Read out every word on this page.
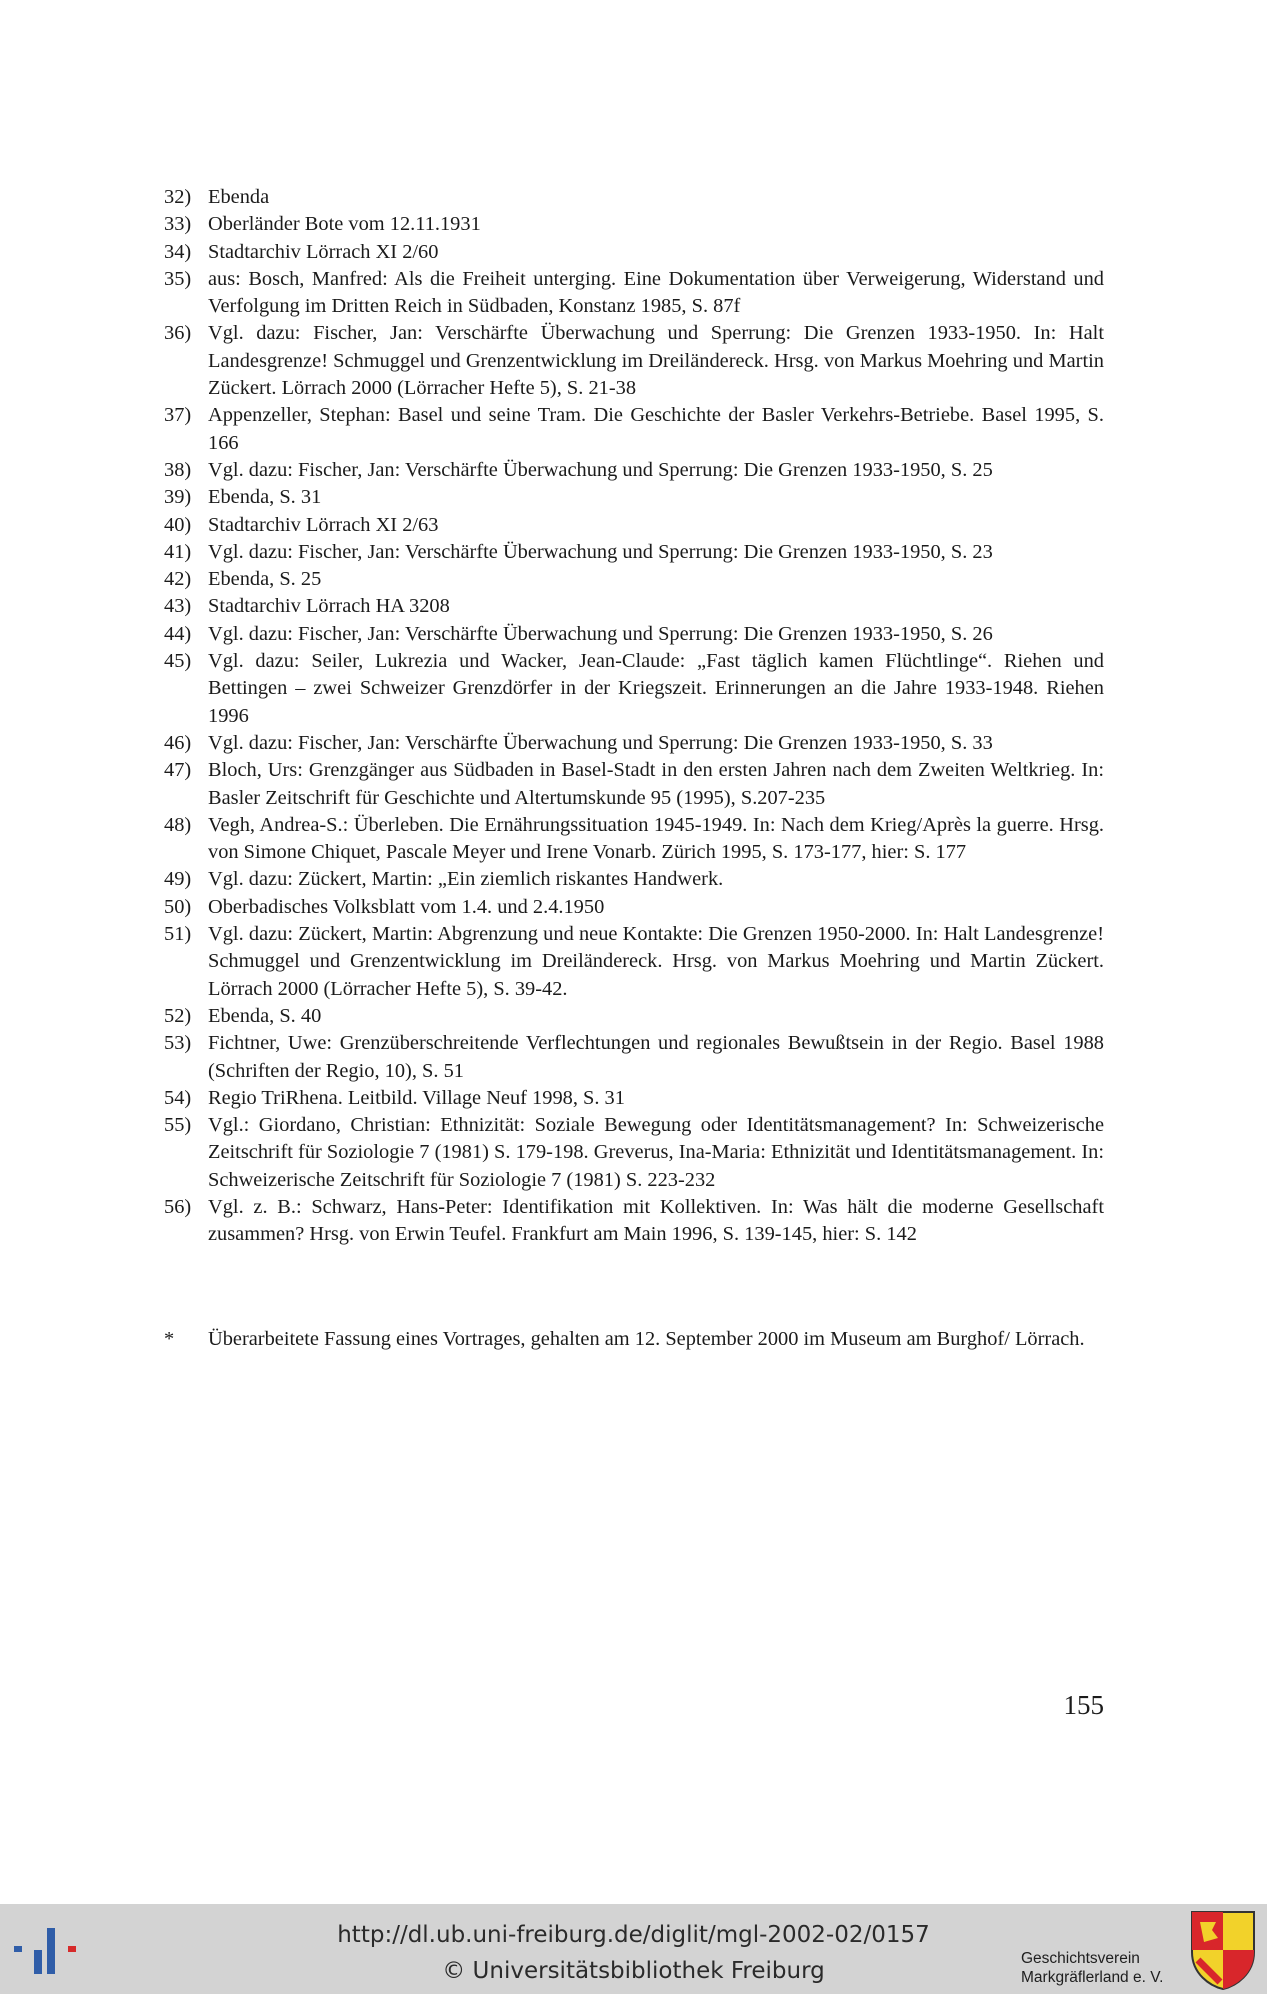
32) Ebenda
33) Oberländer Bote vom 12.11.1931
34) Stadtarchiv Lörrach XI 2/60
35) aus: Bosch, Manfred: Als die Freiheit unterging. Eine Dokumentation über Verweigerung, Widerstand und Verfolgung im Dritten Reich in Südbaden, Konstanz 1985, S. 87f
36) Vgl. dazu: Fischer, Jan: Verschärfte Überwachung und Sperrung: Die Grenzen 1933-1950. In: Halt Landesgrenze! Schmuggel und Grenzentwicklung im Dreiländereck. Hrsg. von Markus Moehring und Martin Zückert. Lörrach 2000 (Lörracher Hefte 5), S. 21-38
37) Appenzeller, Stephan: Basel und seine Tram. Die Geschichte der Basler Verkehrs-Betriebe. Basel 1995, S. 166
38) Vgl. dazu: Fischer, Jan: Verschärfte Überwachung und Sperrung: Die Grenzen 1933-1950, S. 25
39) Ebenda, S. 31
40) Stadtarchiv Lörrach XI 2/63
41) Vgl. dazu: Fischer, Jan: Verschärfte Überwachung und Sperrung: Die Grenzen 1933-1950, S. 23
42) Ebenda, S. 25
43) Stadtarchiv Lörrach HA 3208
44) Vgl. dazu: Fischer, Jan: Verschärfte Überwachung und Sperrung: Die Grenzen 1933-1950, S. 26
45) Vgl. dazu: Seiler, Lukrezia und Wacker, Jean-Claude: „Fast täglich kamen Flüchtlinge“. Riehen und Bettingen – zwei Schweizer Grenzdörfer in der Kriegszeit. Erinnerungen an die Jahre 1933-1948. Riehen 1996
46) Vgl. dazu: Fischer, Jan: Verschärfte Überwachung und Sperrung: Die Grenzen 1933-1950, S. 33
47) Bloch, Urs: Grenzgänger aus Südbaden in Basel-Stadt in den ersten Jahren nach dem Zweiten Weltkrieg. In: Basler Zeitschrift für Geschichte und Altertumskunde 95 (1995), S.207-235
48) Vegh, Andrea-S.: Überleben. Die Ernährungssituation 1945-1949. In: Nach dem Krieg/Après la guerre. Hrsg. von Simone Chiquet, Pascale Meyer und Irene Vonarb. Zürich 1995, S. 173-177, hier: S. 177
49) Vgl. dazu: Zückert, Martin: „Ein ziemlich riskantes Handwerk.
50) Oberbadisches Volksblatt vom 1.4. und 2.4.1950
51) Vgl. dazu: Zückert, Martin: Abgrenzung und neue Kontakte: Die Grenzen 1950-2000. In: Halt Landesgrenze! Schmuggel und Grenzentwicklung im Dreiländereck. Hrsg. von Markus Moehring und Martin Zückert. Lörrach 2000 (Lörracher Hefte 5), S. 39-42.
52) Ebenda, S. 40
53) Fichtner, Uwe: Grenzüberschreitende Verflechtungen und regionales Bewußtsein in der Regio. Basel 1988 (Schriften der Regio, 10), S. 51
54) Regio TriRhena. Leitbild. Village Neuf 1998, S. 31
55) Vgl.: Giordano, Christian: Ethnizität: Soziale Bewegung oder Identitätsmanagement? In: Schweizerische Zeitschrift für Soziologie 7 (1981) S. 179-198. Greverus, Ina-Maria: Ethnizität und Identitätsmanagement. In: Schweizerische Zeitschrift für Soziologie 7 (1981) S. 223-232
56) Vgl. z. B.: Schwarz, Hans-Peter: Identifikation mit Kollektiven. In: Was hält die moderne Gesellschaft zusammen? Hrsg. von Erwin Teufel. Frankfurt am Main 1996, S. 139-145, hier: S. 142
*	Überarbeitete Fassung eines Vortrages, gehalten am 12. September 2000 im Museum am Burghof/ Lörrach.
155
http://dl.ub.uni-freiburg.de/diglit/mgl-2002-02/0157
© Universitätsbibliothek Freiburg	Geschichtsverein
Markgräflerland e. V.
